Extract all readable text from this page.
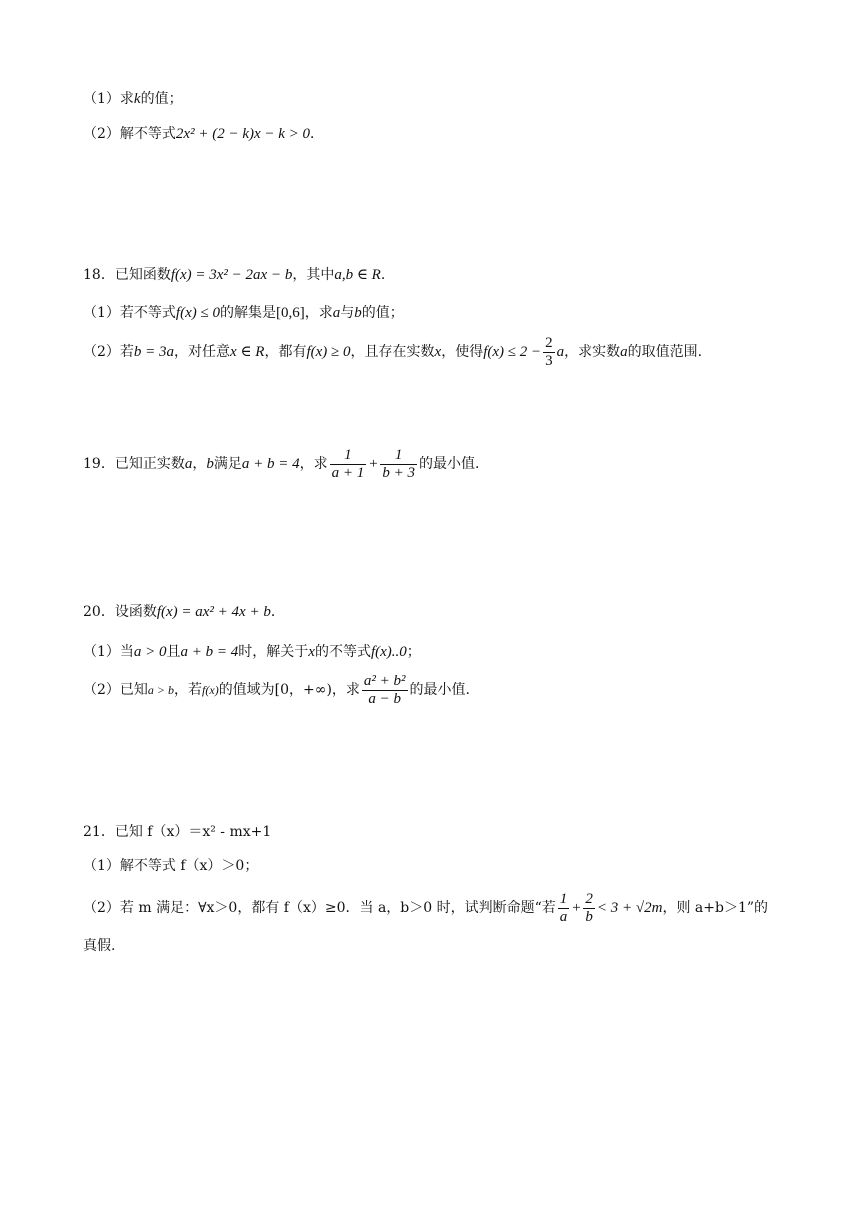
（1）求k的值；
（2）解不等式2x² + (2 − k)x − k > 0．
18．已知函数f(x) = 3x² − 2ax − b，其中a,b ∈ R.
（1）若不等式f(x) ≤ 0的解集是[0,6]，求a与b的值；
（2）若b = 3a，对任意x ∈ R，都有f(x) ≥ 0，且存在实数x，使得$f(x) \le 2 - \frac{2}{3}$ a，求实数a的取值范围.
19．已知正实数a，b满足a + b = 4，求 $\frac{1}{a + 1} + \frac{1}{b + 3}$ 的最小值.
20．设函数f(x) = ax² + 4x + b．
（1）当a > 0且a + b = 4时，解关于x的不等式f(x)..0；
（2）已知a > b，若f(x)的值域为[0，+∞)，求 $\frac{\text{a² + b²}}{a - b}$ 的最小值.
21．已知 f（x）＝x² - mx+1
（1）解不等式 f（x）＞0；
（2）若 m 满足：∀x＞0，都有 f（x）≥0．当 a，b＞0 时，试判断命题“若 $\frac{1}{a} + \frac{2}{b} < 3 + √2m$，则 a+b＞1”的
真假.
